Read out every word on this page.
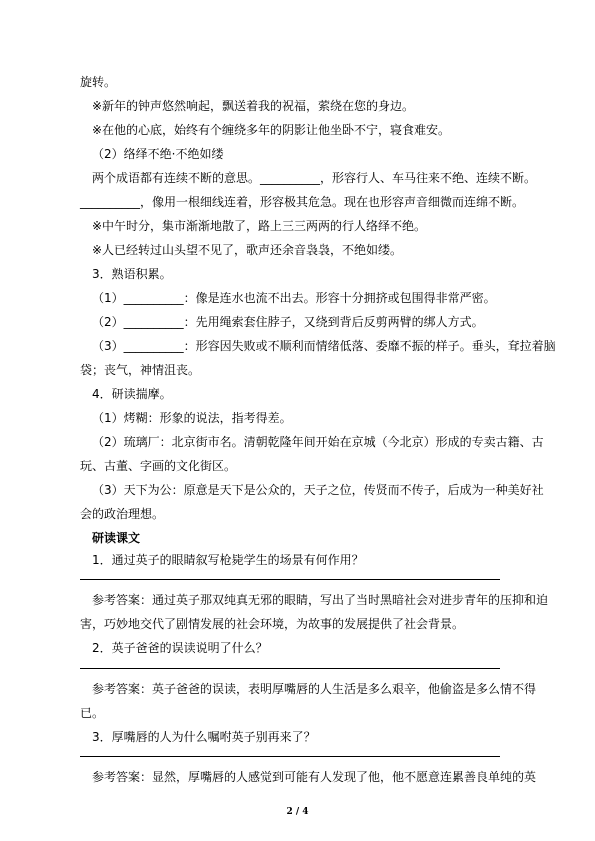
旋转。
※新年的钟声悠然响起，飘送着我的祝福，萦绕在您的身边。
※在他的心底，始终有个缠绕多年的阴影让他坐卧不宁，寝食难安。
（2）络绎不绝·不绝如缕
两个成语都有连续不断的意思。__________，形容行人、车马往来不绝、连续不断。
__________，像用一根细线连着，形容极其危急。现在也形容声音细微而连绵不断。
※中午时分，集市渐渐地散了，路上三三两两的行人络绎不绝。
※人已经转过山头望不见了，歌声还余音袅袅，不绝如缕。
3．熟语积累。
（1）__________：像是连水也流不出去。形容十分拥挤或包围得非常严密。
（2）__________：先用绳索套住脖子，又绕到背后反剪两臂的绑人方式。
（3）__________：形容因失败或不顺利而情绪低落、委靡不振的样子。垂头，耷拉着脑
袋；丧气，神情沮丧。
4．研读揣摩。
（1）烤糊：形象的说法，指考得差。
（2）琉璃厂：北京街市名。清朝乾隆年间开始在京城（今北京）形成的专卖古籍、古
玩、古董、字画的文化街区。
（3）天下为公：原意是天下是公众的，天子之位，传贤而不传子，后成为一种美好社
会的政治理想。
研读课文
1．通过英子的眼睛叙写枪毙学生的场景有何作用？
参考答案：通过英子那双纯真无邪的眼睛，写出了当时黑暗社会对进步青年的压抑和迫
害，巧妙地交代了剧情发展的社会环境，为故事的发展提供了社会背景。
2．英子爸爸的误读说明了什么？
参考答案：英子爸爸的误读，表明厚嘴唇的人生活是多么艰辛，他偷盗是多么情不得
已。
3．厚嘴唇的人为什么嘱咐英子别再来了？
参考答案：显然，厚嘴唇的人感觉到可能有人发现了他，他不愿意连累善良单纯的英
2 / 4
